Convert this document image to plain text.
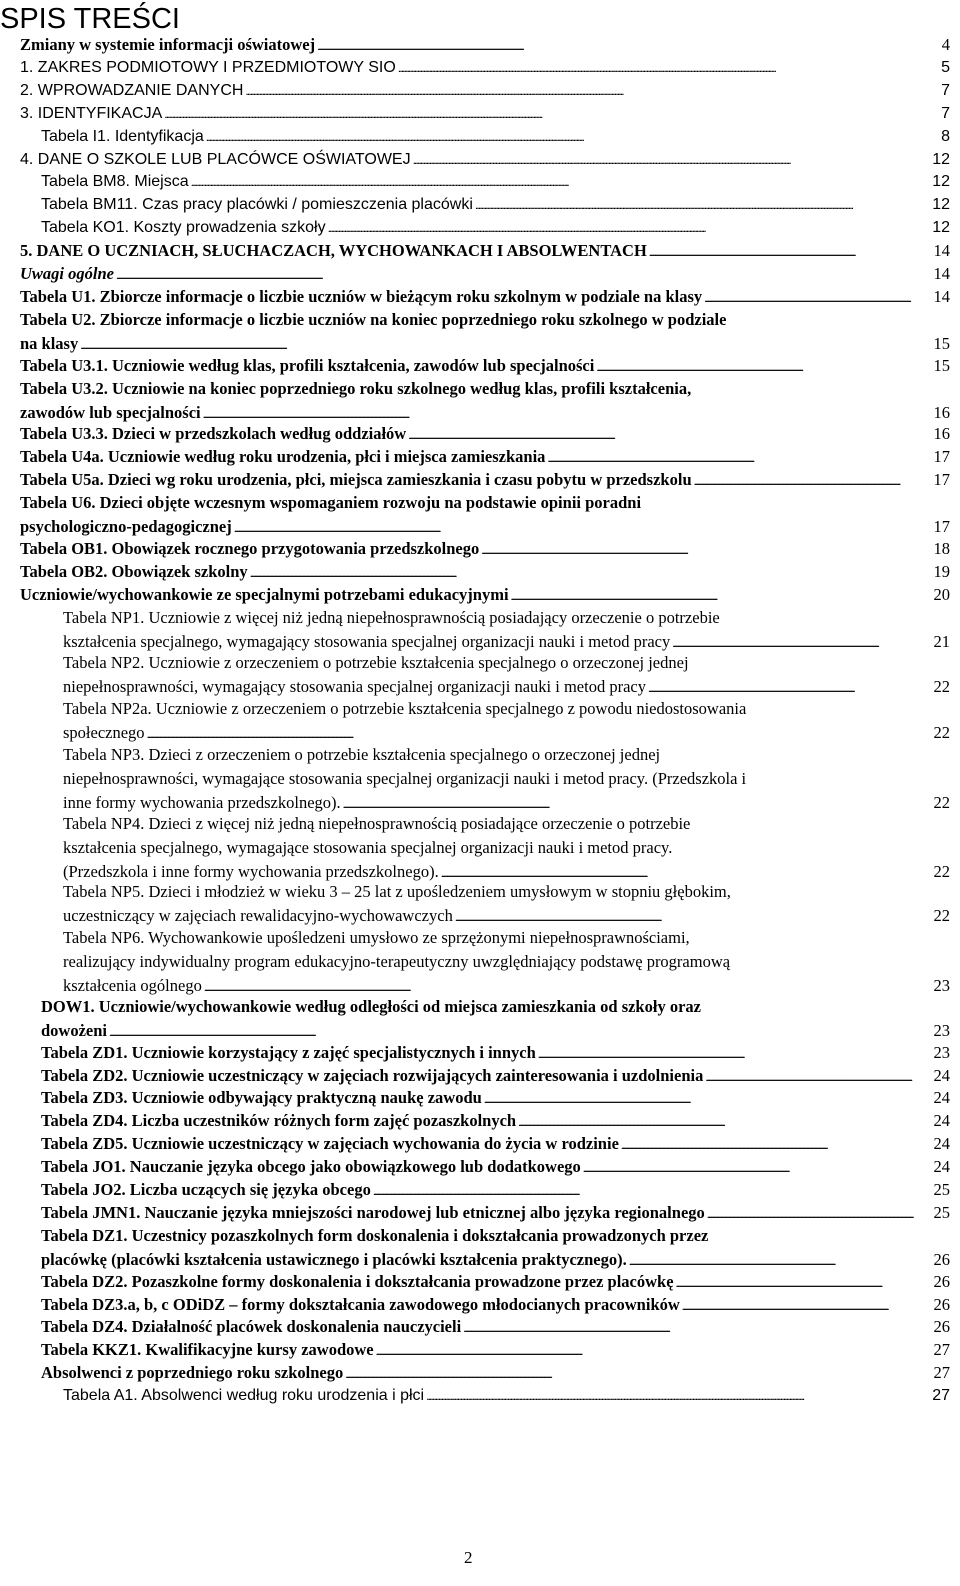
SPIS TREŚCI
Zmiany w systemie informacji oświatowej . . .	4
1. ZAKRES PODMIOTOWY I PRZEDMIOTOWY SIO . . .	5
2. WPROWADZANIE DANYCH . . .	7
3. IDENTYFIKACJA . . .	7
Tabela I1. Identyfikacja . . .	8
4. DANE O SZKOLE LUB PLACÓWCE OŚWIATOWEJ . . .	12
Tabela BM8. Miejsca . . .	12
Tabela BM11. Czas pracy placówki / pomieszczenia placówki . . .	12
Tabela KO1. Koszty prowadzenia szkoły . . .	12
5. DANE O UCZNIACH, SŁUCHACZACH, WYCHOWANKACH I ABSOLWENTACH . . .	14
Uwagi ogólne . . .	14
Tabela U1. Zbiorcze informacje o liczbie uczniów w bieżącym roku szkolnym w podziale na klasy . . .	14
Tabela U2. Zbiorcze informacje o liczbie uczniów na koniec poprzedniego roku szkolnego w podziale
na klasy . . .	15
Tabela U3.1. Uczniowie według klas, profili kształcenia, zawodów lub specjalności . . .	15
Tabela U3.2. Uczniowie na koniec poprzedniego roku szkolnego według klas, profili kształcenia,
zawodów lub specjalności . . .	16
Tabela U3.3. Dzieci w przedszkolach według oddziałów . . .	16
Tabela U4a. Uczniowie według roku urodzenia, płci i miejsca zamieszkania . . .	17
Tabela U5a. Dzieci wg roku urodzenia, płci, miejsca zamieszkania i czasu pobytu w przedszkolu . . .	17
Tabela U6. Dzieci objęte wczesnym wspomaganiem rozwoju na podstawie opinii poradni
psychologiczno-pedagogicznej . . .	17
Tabela OB1. Obowiązek rocznego przygotowania przedszkolnego . . .	18
Tabela OB2. Obowiązek szkolny . . .	19
Uczniowie/wychowankowie ze specjalnymi potrzebami edukacyjnymi . . .	20
Tabela NP1. Uczniowie z więcej niż jedną niepełnosprawnością posiadający orzeczenie o potrzebie
kształcenia specjalnego, wymagający stosowania specjalnej organizacji nauki i metod pracy . . .	21
Tabela NP2. Uczniowie z orzeczeniem o potrzebie kształcenia specjalnego o orzeczonej jednej
niepełnosprawności, wymagający stosowania specjalnej organizacji nauki i metod pracy . . .	22
Tabela NP2a. Uczniowie z orzeczeniem o potrzebie kształcenia specjalnego z powodu niedostosowania
społecznego . . .	22
Tabela NP3. Dzieci z orzeczeniem o potrzebie kształcenia specjalnego o orzeczonej jednej
niepełnosprawności, wymagające stosowania specjalnej organizacji nauki i metod pracy. (Przedszkola i
inne formy wychowania przedszkolnego). . . .	22
Tabela NP4. Dzieci z więcej niż jedną niepełnosprawnością posiadające orzeczenie o potrzebie
kształcenia specjalnego, wymagające stosowania specjalnej organizacji nauki i metod pracy.
(Przedszkola i inne formy wychowania przedszkolnego). . . .	22
Tabela NP5. Dzieci i młodzież w wieku 3 – 25 lat z upośledzeniem umysłowym w stopniu głębokim,
uczestniczący w zajęciach rewalidacyjno-wychowawczych . . .	22
Tabela NP6. Wychowankowie upośledzeni umysłowo ze sprzężonymi niepełnosprawnościami,
realizujący indywidualny program edukacyjno-terapeutyczny uwzględniający podstawę programową
kształcenia ogólnego . . .	23
DOW1. Uczniowie/wychowankowie według odległości od miejsca zamieszkania od szkoły oraz
dowożeni . . .	23
Tabela ZD1. Uczniowie korzystający z zajęć specjalistycznych i innych . . .	23
Tabela ZD2. Uczniowie uczestniczący w zajęciach rozwijających zainteresowania i uzdolnienia . . .	24
Tabela ZD3. Uczniowie odbywający praktyczną naukę zawodu . . .	24
Tabela ZD4. Liczba uczestników różnych form zajęć pozaszkolnych . . .	24
Tabela ZD5. Uczniowie uczestniczący w zajęciach wychowania do życia w rodzinie . . .	24
Tabela JO1. Nauczanie języka obcego jako obowiązkowego lub dodatkowego . . .	24
Tabela JO2. Liczba uczących się języka obcego . . .	25
Tabela JMN1. Nauczanie języka mniejszości narodowej lub etnicznej albo języka regionalnego . . .	25
Tabela DZ1. Uczestnicy pozaszkolnych form doskonalenia i dokształcania prowadzonych przez
placówkę (placówki kształcenia ustawicznego i placówki kształcenia praktycznego). . . .	26
Tabela DZ2. Pozaszkolne formy doskonalenia i dokształcania prowadzone przez placówkę . . .	26
Tabela DZ3.a, b, c ODiDZ – formy dokształcania zawodowego młodocianych pracowników . . .	26
Tabela DZ4. Działalność placówek doskonalenia nauczycieli . . .	26
Tabela KKZ1. Kwalifikacyjne kursy zawodowe . . .	27
Absolwenci z poprzedniego roku szkolnego . . .	27
Tabela A1. Absolwenci według roku urodzenia i płci . . .	27
2
